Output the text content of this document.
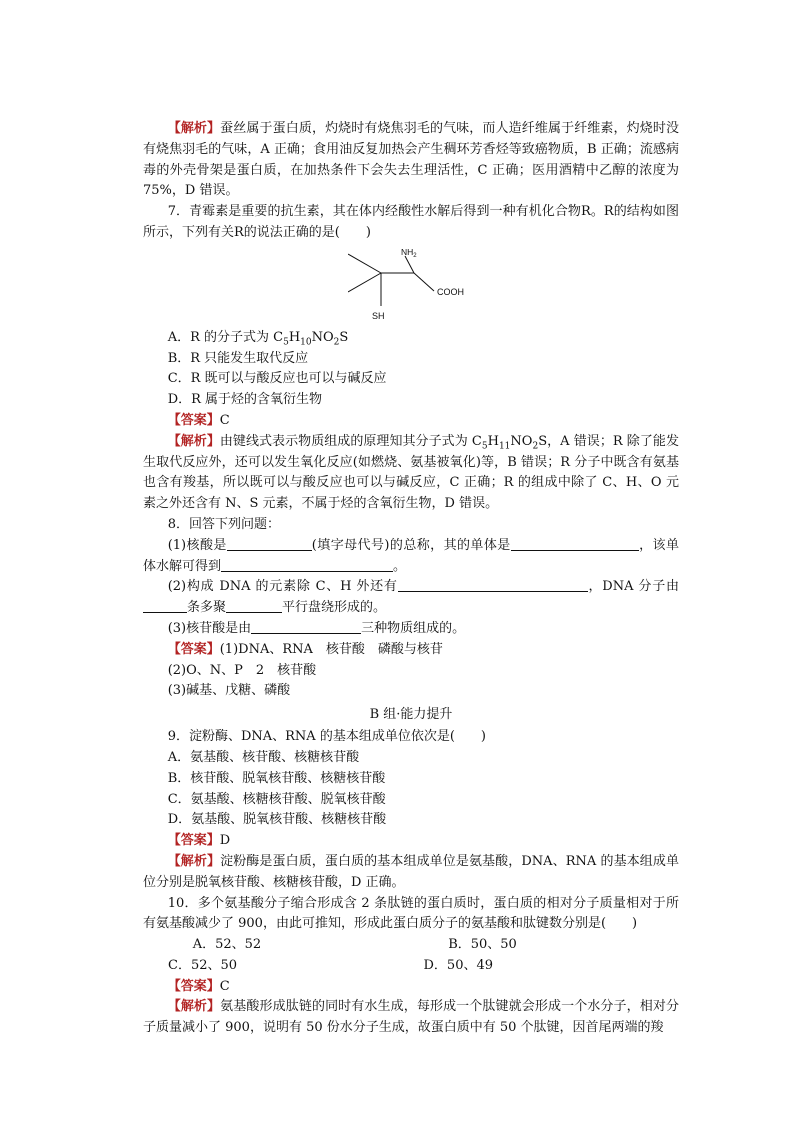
【 解析 】 蚕丝属于蛋白质，灼烧时有烧焦羽毛的气味，而人造纤维属于纤维素，灼烧时没有烧焦羽毛的气味，A 正确；食用油反复加热会产生稠环芳香烃等致癌物质，B 正确；流感病毒的外壳骨架是蛋白质，在加热条件下会失去生理活性，C 正确；医用酒精中乙醇的浓度为75%，D 错误。

7．青霉素是重要的抗生素，其在体内经酸性水解后得到一种有机化合物R。R的结构如图所示，下列有关R的说法正确的是(　　)

$NH_2$
COOH
SH

A．R 的分子式为 $C_5H_{10}NO_2S$

B．R 只能发生取代反应

C．R 既可以与酸反应也可以与碱反应

D．R 属于烃的含氧衍生物

【 答案 】 C

【 解析 】 由键线式表示物质组成的原理知其分子式为 $C_5H_{11}NO_2S$，A 错误；R 除了能发生取代反应外，还可以发生氧化反应(如燃烧、氨基被氧化)等，B 错误；R 分子中既含有氨基也含有羧基，所以既可以与酸反应也可以与碱反应，C 正确；R 的组成中除了 C、H、O 元素之外还含有 N、S 元素，不属于烃的含氧衍生物，D 错误。

8．回答下列问题：

(1)核酸是	(填字母代号)的总称，其的单体是	，该单体水解可得到	。

(2)构成 DNA 的元素除 C、H 外还有	，DNA 分子由条多聚	平行盘绕形成的。

(3)核苷酸是由	三种物质组成的。

【 答案 】 (1)DNA、RNA　核苷酸　磷酸与核苷

(2)O、N、P　2　核苷酸

(3)碱基、戊糖、磷酸

B 组·能力提升

9．淀粉酶、DNA、RNA 的基本组成单位依次是(　　)

A．氨基酸、核苷酸、核糖核苷酸

B．核苷酸、脱氧核苷酸、核糖核苷酸

C．氨基酸、核糖核苷酸、脱氧核苷酸

D．氨基酸、脱氧核苷酸、核糖核苷酸

【 答案 】 D

【 解析 】 淀粉酶是蛋白质，蛋白质的基本组成单位是氨基酸，DNA、RNA 的基本组成单位分别是脱氧核苷酸、核糖核苷酸，D 正确。

10．多个氨基酸分子缩合形成含 2 条肽链的蛋白质时，蛋白质的相对分子质量相对于所有氨基酸减少了 900，由此可推知，形成此蛋白质分子的氨基酸和肽键数分别是(　　)

A．52、52	B．50、50
C．52、50	D．50、49

【 答案 】 C

【 解析 】 氨基酸形成肽链的同时有水生成，每形成一个肽键就会形成一个水分子，相对分子质量减小了 900，说明有 50 份水分子生成，故蛋白质中有 50 个肽键，因首尾两端的羧
